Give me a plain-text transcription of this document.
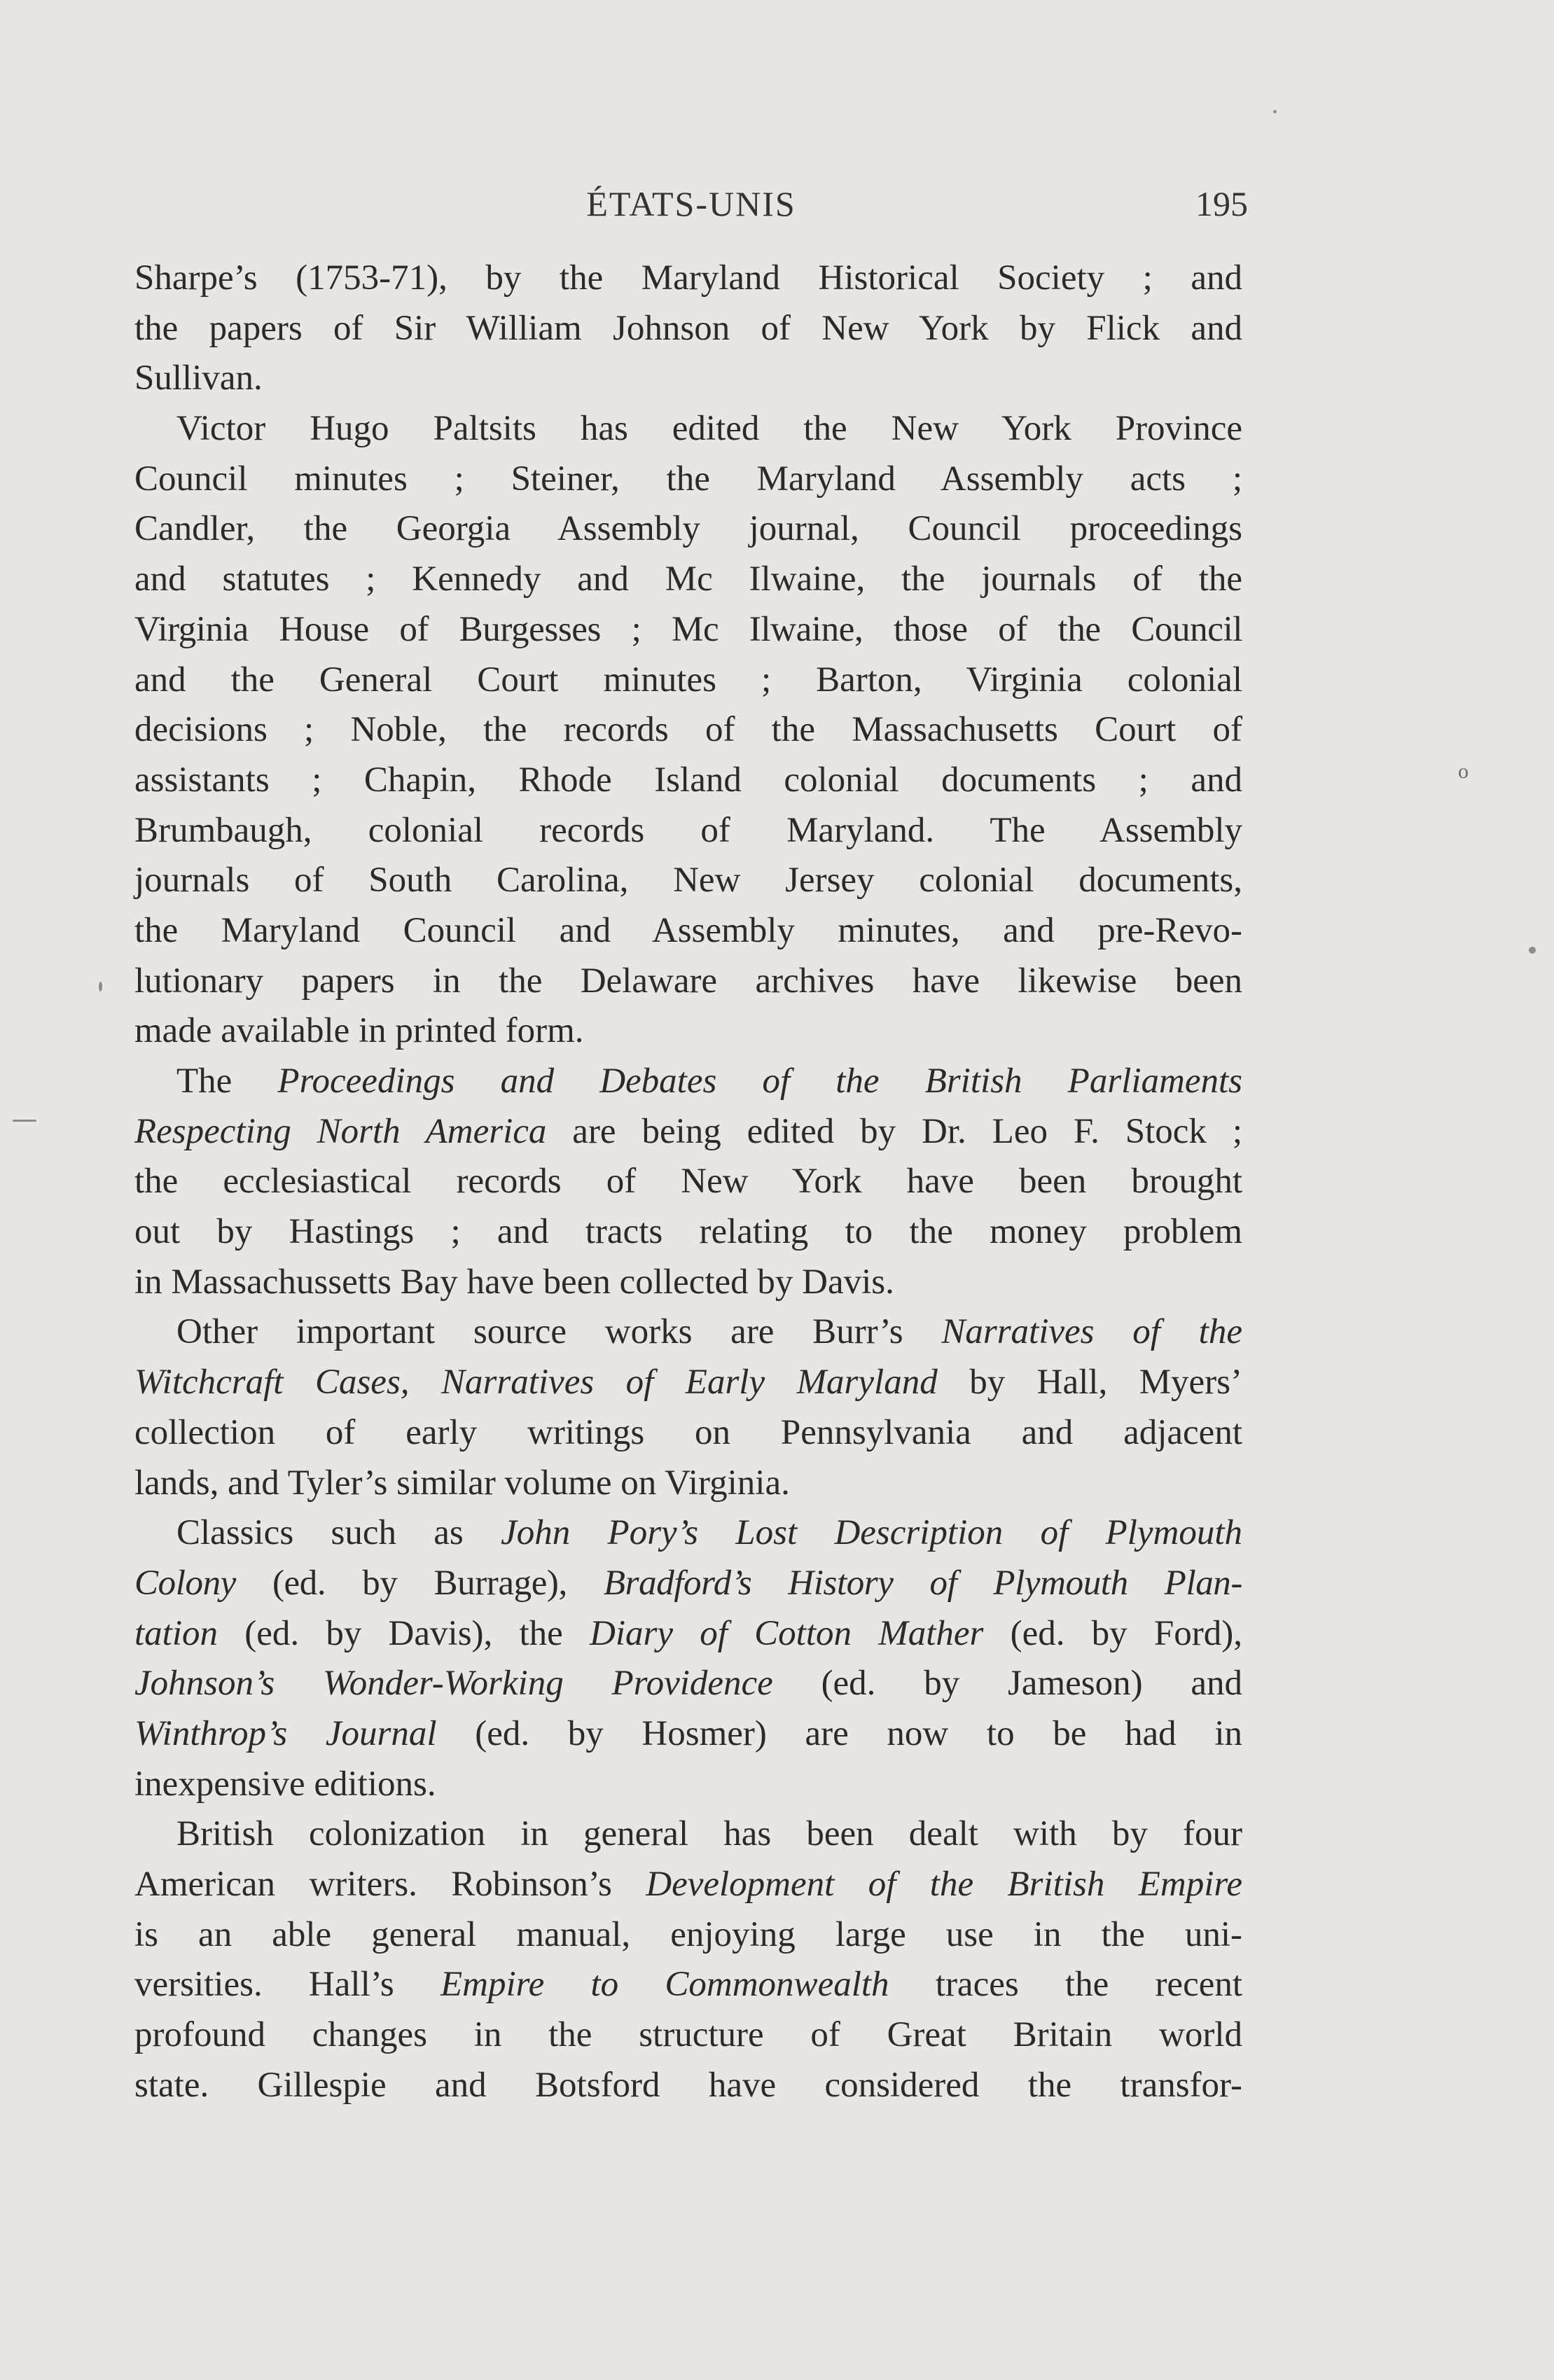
ÉTATS-UNIS	195
Sharpe’s (1753-71), by the Maryland Historical Society ; and
the papers of Sir William Johnson of New York by Flick and
Sullivan.
Victor Hugo Paltsits has edited the New York Province
Council minutes ; Steiner, the Maryland Assembly acts ;
Candler, the Georgia Assembly journal, Council proceedings
and statutes ; Kennedy and Mc Ilwaine, the journals of the
Virginia House of Burgesses ; Mc Ilwaine, those of the Council
and the General Court minutes ; Barton, Virginia colonial
decisions ; Noble, the records of the Massachusetts Court of
assistants ; Chapin, Rhode Island colonial documents ; and
Brumbaugh, colonial records of Maryland. The Assembly
journals of South Carolina, New Jersey colonial documents,
the Maryland Council and Assembly minutes, and pre-Revo-
lutionary papers in the Delaware archives have likewise been
made available in printed form.
The Proceedings and Debates of the British Parliaments
Respecting North America are being edited by Dr. Leo F. Stock ;
the ecclesiastical records of New York have been brought
out by Hastings ; and tracts relating to the money problem
in Massachussetts Bay have been collected by Davis.
Other important source works are Burr’s Narratives of the
Witchcraft Cases, Narratives of Early Maryland by Hall, Myers’
collection of early writings on Pennsylvania and adjacent
lands, and Tyler’s similar volume on Virginia.
Classics such as John Pory’s Lost Description of Plymouth
Colony (ed. by Burrage), Bradford’s History of Plymouth Plan-
tation (ed. by Davis), the Diary of Cotton Mather (ed. by Ford),
Johnson’s Wonder-Working Providence (ed. by Jameson) and
Winthrop’s Journal (ed. by Hosmer) are now to be had in
inexpensive editions.
British colonization in general has been dealt with by four
American writers. Robinson’s Development of the British Empire
is an able general manual, enjoying large use in the uni-
versities. Hall’s Empire to Commonwealth traces the recent
profound changes in the structure of Great Britain world
state. Gillespie and Botsford have considered the transfor-
o
